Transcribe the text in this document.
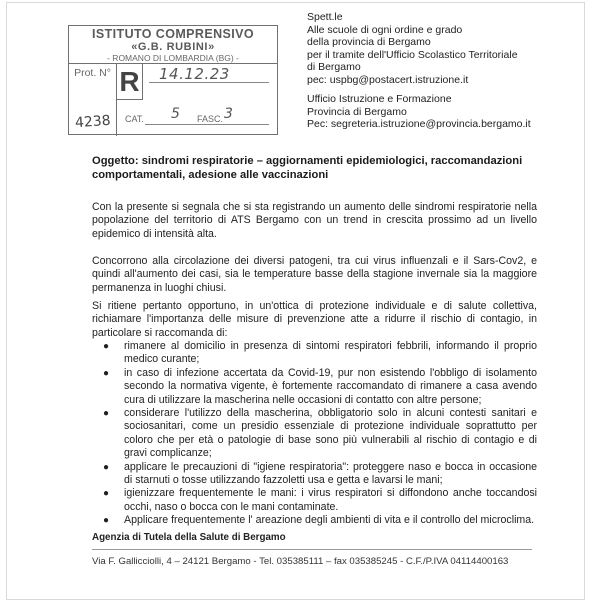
ISTITUTO COMPRENSIVO
«G.B. RUBINI»
- ROMANO DI LOMBARDIA (BG) -
Prot. N°
4238
R 14.12.23
CAT. 5 FASC. 3
Spett.le
Alle scuole di ogni ordine e grado
della provincia di Bergamo
per il tramite dell'Ufficio Scolastico Territoriale
di Bergamo
pec: uspbg@postacert.istruzione.it
Ufficio Istruzione e Formazione
Provincia di Bergamo
Pec: segreteria.istruzione@provincia.bergamo.it
Oggetto: sindromi respiratorie – aggiornamenti epidemiologici, raccomandazioni comportamentali, adesione alle vaccinazioni
Con la presente si segnala che si sta registrando un aumento delle sindromi respiratorie nella popolazione del territorio di ATS Bergamo con un trend in crescita prossimo ad un livello epidemico di intensità alta.
Concorrono alla circolazione dei diversi patogeni, tra cui virus influenzali e il Sars-Cov2, e quindi all'aumento dei casi, sia le temperature basse della stagione invernale sia la maggiore permanenza in luoghi chiusi.
Si ritiene pertanto opportuno, in un'ottica di protezione individuale e di salute collettiva, richiamare l'importanza delle misure di prevenzione atte a ridurre il rischio di contagio, in particolare si raccomanda di:
● rimanere al domicilio in presenza di sintomi respiratori febbrili, informando il proprio medico curante;
● in caso di infezione accertata da Covid-19, pur non esistendo l'obbligo di isolamento secondo la normativa vigente, è fortemente raccomandato di rimanere a casa avendo cura di utilizzare la mascherina nelle occasioni di contatto con altre persone;
● considerare l'utilizzo della mascherina, obbligatorio solo in alcuni contesti sanitari e sociosanitari, come un presidio essenziale di protezione individuale soprattutto per coloro che per età o patologie di base sono più vulnerabili al rischio di contagio e di gravi complicanze;
● applicare le precauzioni di "igiene respiratoria": proteggere naso e bocca in occasione di starnuti o tosse utilizzando fazzoletti usa e getta e lavarsi le mani;
● igienizzare frequentemente le mani: i virus respiratori si diffondono anche toccandosi occhi, naso o bocca con le mani contaminate.
● Applicare frequentemente l' areazione degli ambienti di vita e il controllo del microclima.
Agenzia di Tutela della Salute di Bergamo
Via F. Gallicciolli, 4 – 24121 Bergamo - Tel. 035385111 – fax 035385245 - C.F./P.IVA 04114400163
